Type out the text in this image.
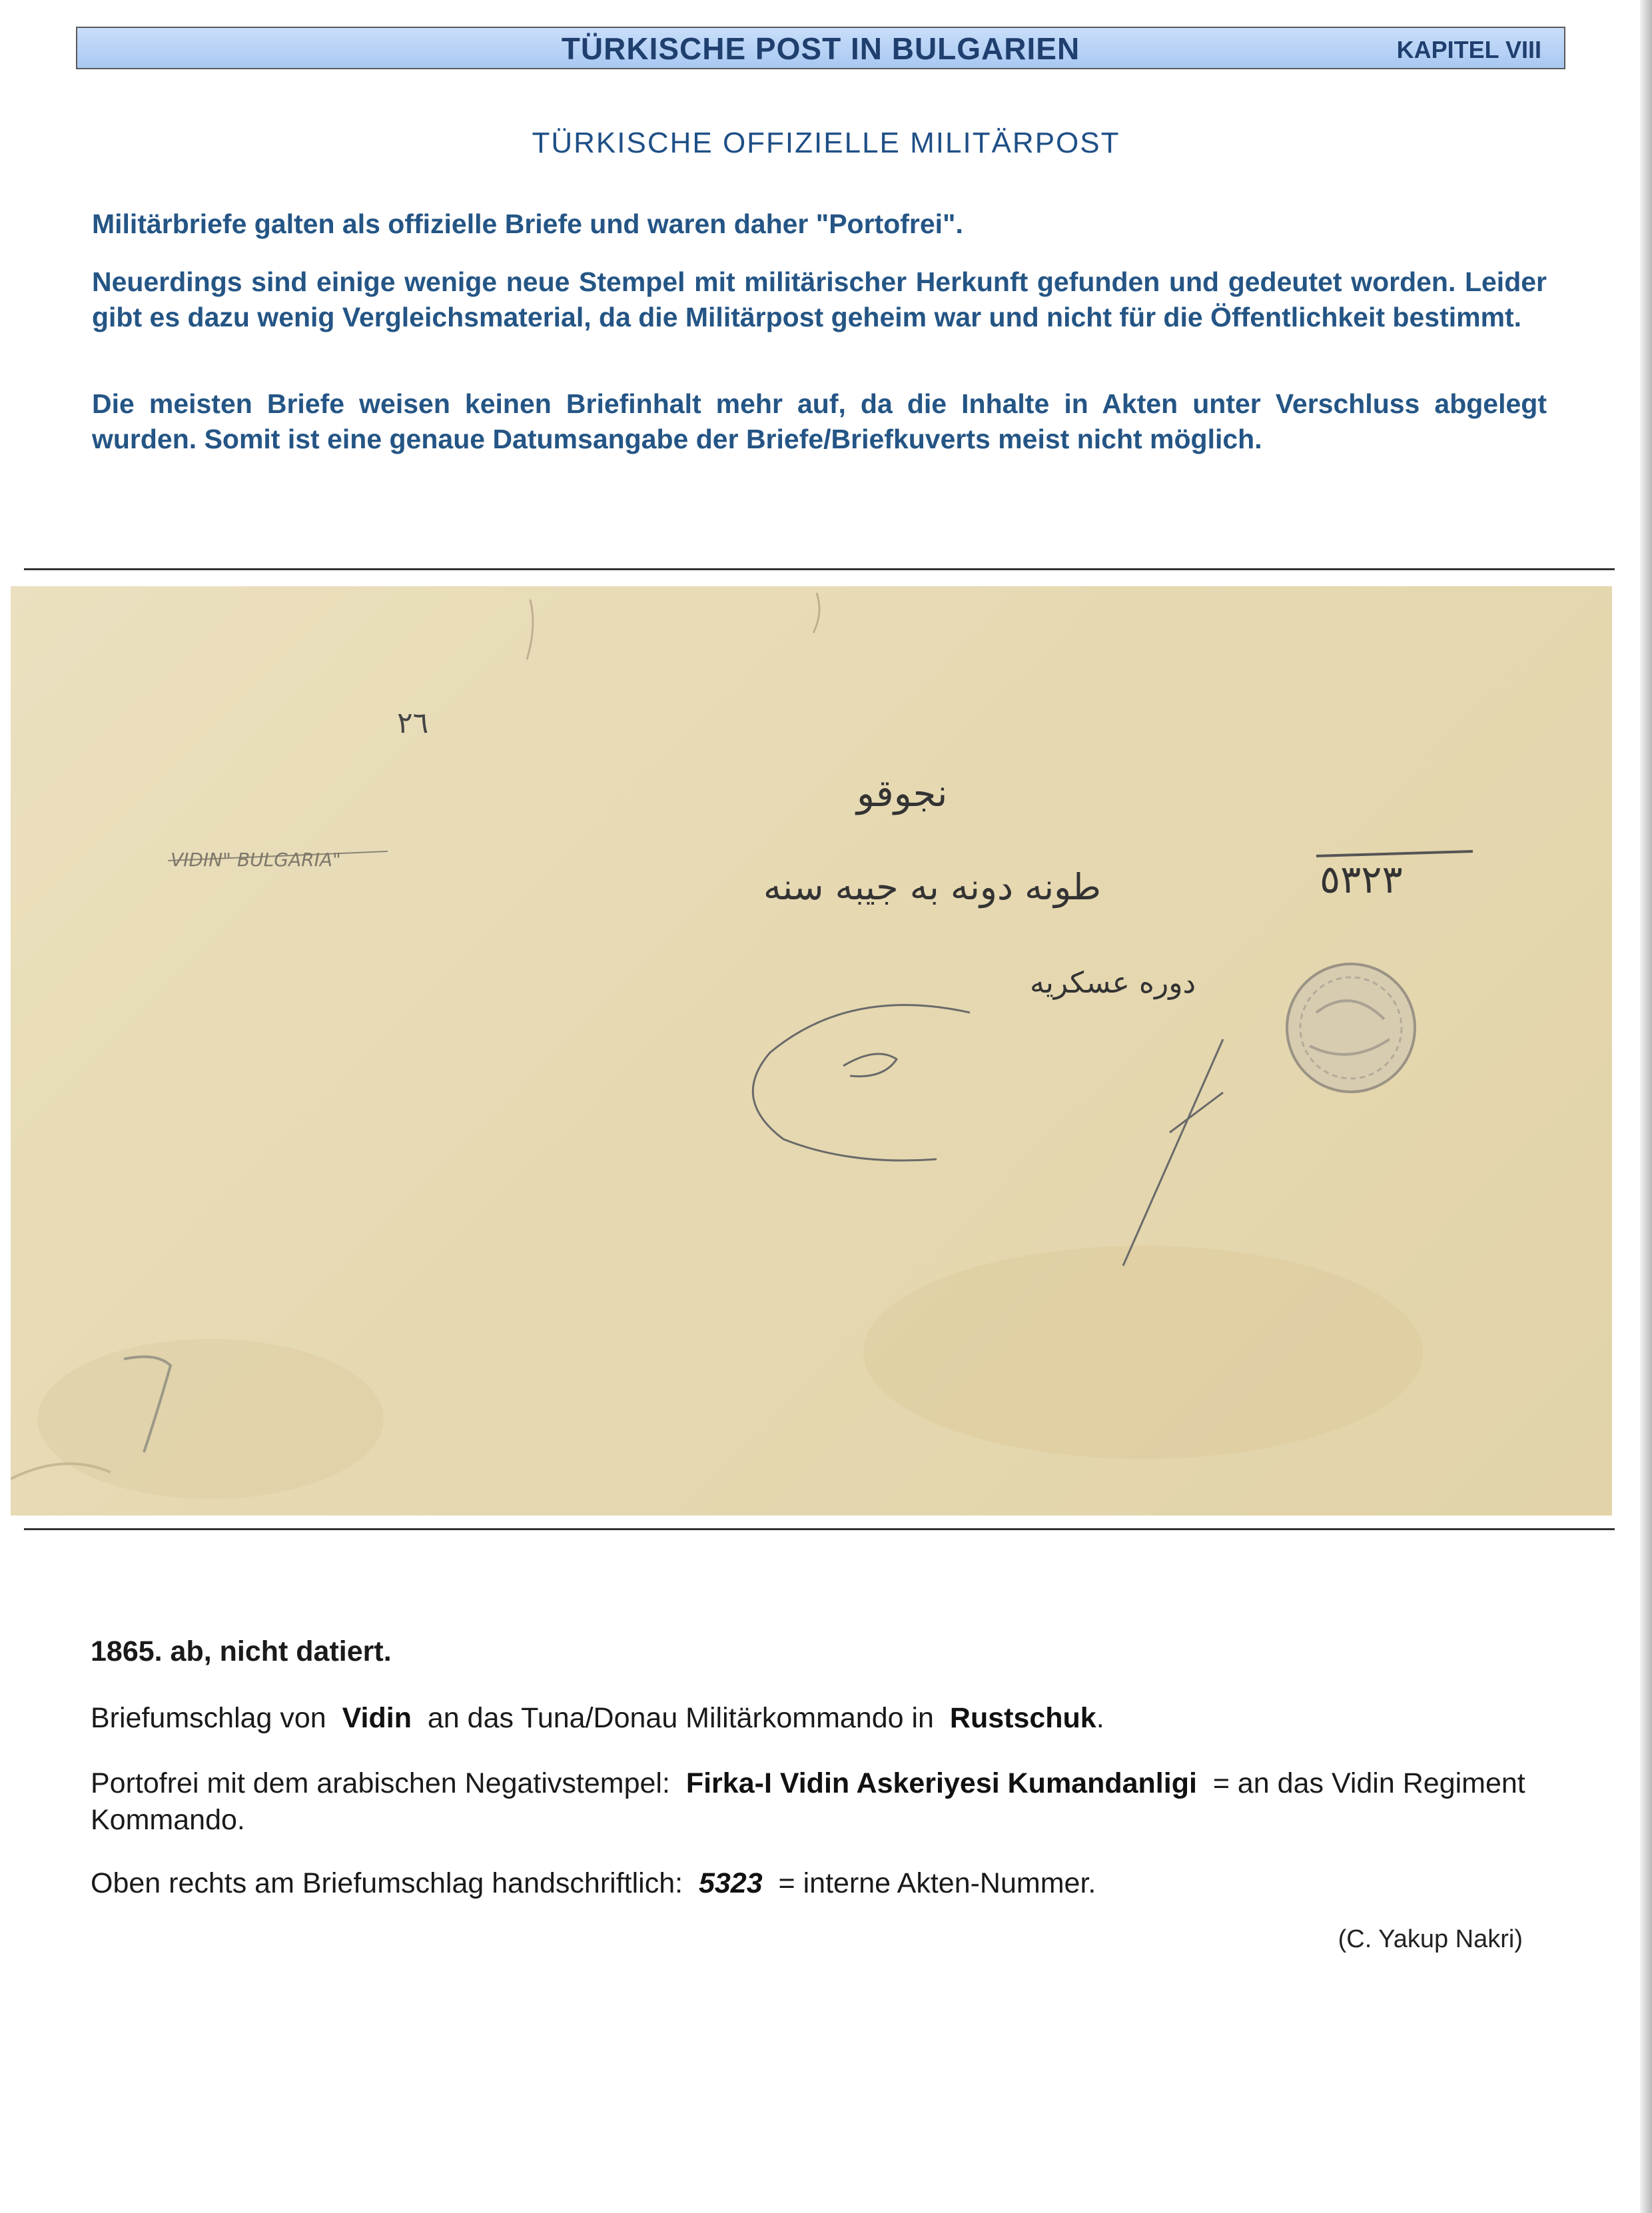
TÜRKISCHE POST IN BULGARIEN	KAPITEL VIII
TÜRKISCHE OFFIZIELLE MILITÄRPOST

Militärbriefe galten als offizielle Briefe und waren daher "Portofrei".

Neuerdings sind einige wenige neue Stempel mit militärischer Herkunft gefunden und gedeutet worden. Leider gibt es dazu wenig Vergleichsmaterial, da die Militärpost geheim war und nicht für die Öffentlichkeit bestimmt.

Die meisten Briefe weisen keinen Briefinhalt mehr auf, da die Inhalte in Akten unter Verschluss abgelegt wurden. Somit ist eine genaue Datumsangabe der Briefe/Briefkuverts meist nicht möglich.

VIDIN" BULGARIA"	٥٣٢٣
٢٦
نجوقو
طونه دونه به جيبه سنه
دوره عسكريه
7

1865. ab, nicht datiert.

Briefumschlag von Vidin an das Tuna/Donau Militärkommando in Rustschuk.

Portofrei mit dem arabischen Negativstempel: Firka-I Vidin Askeriyesi Kumandanligi = an das Vidin Regiment Kommando.

Oben rechts am Briefumschlag handschriftlich: 5323 = interne Akten-Nummer.

(C. Yakup Nakri)
